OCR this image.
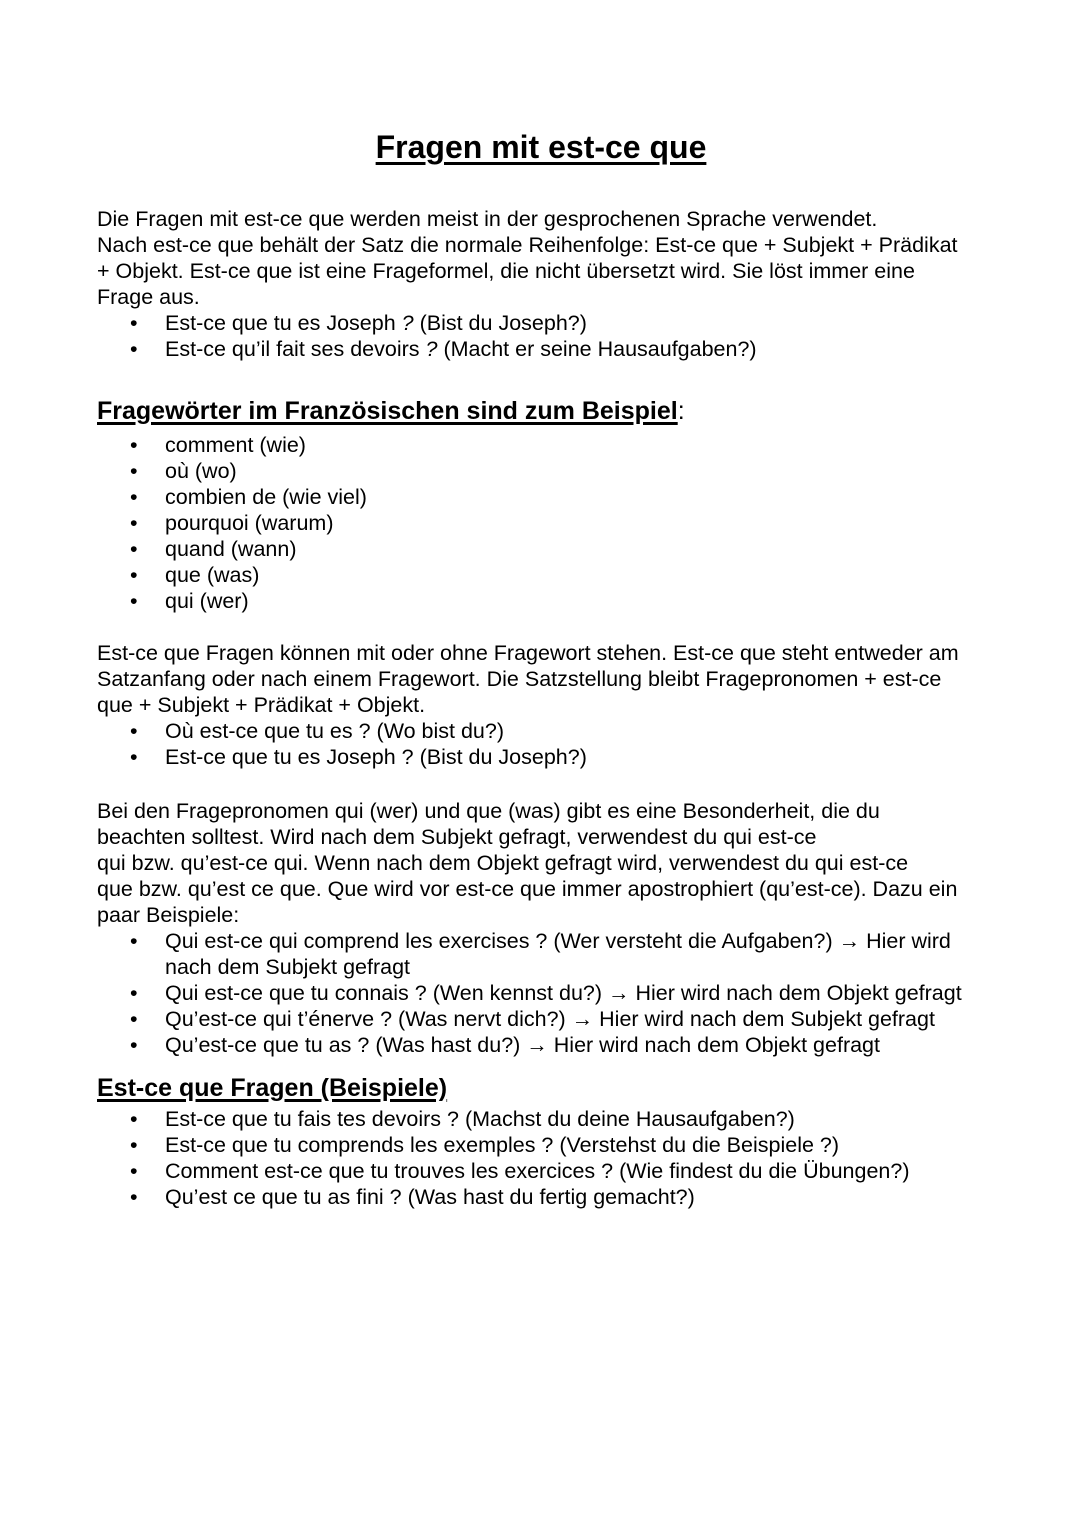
Fragen mit est-ce que
Die Fragen mit est-ce que werden meist in der gesprochenen Sprache verwendet.
Nach est-ce que behält der Satz die normale Reihenfolge: Est-ce que + Subjekt + Prädikat
+ Objekt. Est-ce que ist eine Frageformel, die nicht übersetzt wird. Sie löst immer eine
Frage aus.
• Est-ce que tu es Joseph ? (Bist du Joseph?)
• Est-ce qu’il fait ses devoirs ? (Macht er seine Hausaufgaben?)
Fragewörter im Französischen sind zum Beispiel:
• comment (wie)
• où (wo)
• combien de (wie viel)
• pourquoi (warum)
• quand (wann)
• que (was)
• qui (wer)
Est-ce que Fragen können mit oder ohne Fragewort stehen. Est-ce que steht entweder am
Satzanfang oder nach einem Fragewort. Die Satzstellung bleibt Fragepronomen + est-ce
que + Subjekt + Prädikat + Objekt.
• Où est-ce que tu es ? (Wo bist du?)
• Est-ce que tu es Joseph ? (Bist du Joseph?)
Bei den Fragepronomen qui (wer) und que (was) gibt es eine Besonderheit, die du
beachten solltest. Wird nach dem Subjekt gefragt, verwendest du qui est-ce
qui bzw. qu’est-ce qui. Wenn nach dem Objekt gefragt wird, verwendest du qui est-ce
que bzw. qu’est ce que. Que wird vor est-ce que immer apostrophiert (qu’est-ce). Dazu ein
paar Beispiele:
• Qui est-ce qui comprend les exercises ? (Wer versteht die Aufgaben?) → Hier wird
nach dem Subjekt gefragt
• Qui est-ce que tu connais ? (Wen kennst du?) → Hier wird nach dem Objekt gefragt
• Qu’est-ce qui t’énerve ? (Was nervt dich?) → Hier wird nach dem Subjekt gefragt
• Qu’est-ce que tu as ? (Was hast du?) → Hier wird nach dem Objekt gefragt
Est-ce que Fragen (Beispiele)
• Est-ce que tu fais tes devoirs ? (Machst du deine Hausaufgaben?)
• Est-ce que tu comprends les exemples ? (Verstehst du die Beispiele ?)
• Comment est-ce que tu trouves les exercices ? (Wie findest du die Übungen?)
• Qu’est ce que tu as fini ? (Was hast du fertig gemacht?)
